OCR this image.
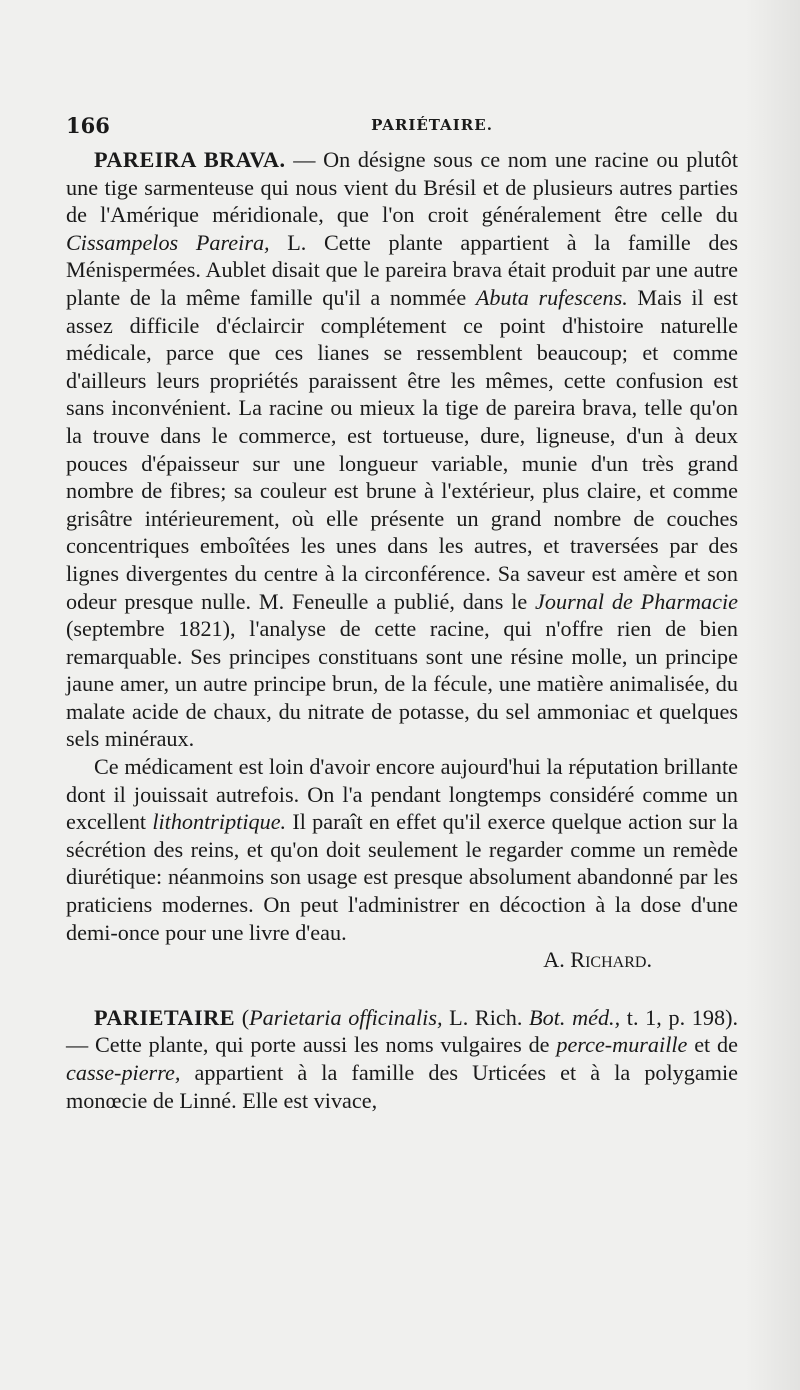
166	PARIÉTAIRE.

PAREIRA BRAVA. — On désigne sous ce nom une racine ou plutôt une tige sarmenteuse qui nous vient du Brésil et de plusieurs autres parties de l'Amérique méridionale, que l'on croit généralement être celle du Cissampelos Pareira, L. Cette plante appartient à la famille des Ménispermées. Aublet disait que le pareira brava était produit par une autre plante de la même famille qu'il a nommée Abuta rufescens. Mais il est assez difficile d'éclaircir complétement ce point d'histoire naturelle médicale, parce que ces lianes se ressemblent beaucoup; et comme d'ailleurs leurs propriétés paraissent être les mêmes, cette confusion est sans inconvénient. La racine ou mieux la tige de pareira brava, telle qu'on la trouve dans le commerce, est tortueuse, dure, ligneuse, d'un à deux pouces d'épaisseur sur une longueur variable, munie d'un très grand nombre de fibres; sa couleur est brune à l'extérieur, plus claire, et comme grisâtre intérieurement, où elle présente un grand nombre de couches concentriques emboîtées les unes dans les autres, et traversées par des lignes divergentes du centre à la circonférence. Sa saveur est amère et son odeur presque nulle. M. Feneulle a publié, dans le Journal de Pharmacie (septembre 1821), l'analyse de cette racine, qui n'offre rien de bien remarquable. Ses principes constituans sont une résine molle, un principe jaune amer, un autre principe brun, de la fécule, une matière animalisée, du malate acide de chaux, du nitrate de potasse, du sel ammoniac et quelques sels minéraux.

Ce médicament est loin d'avoir encore aujourd'hui la réputation brillante dont il jouissait autrefois. On l'a pendant longtemps considéré comme un excellent lithontriptique. Il paraît en effet qu'il exerce quelque action sur la sécrétion des reins, et qu'on doit seulement le regarder comme un remède diurétique: néanmoins son usage est presque absolument abandonné par les praticiens modernes. On peut l'administrer en décoction à la dose d'une demi-once pour une livre d'eau.

A. Richard.

PARIETAIRE (Parietaria officinalis, L. Rich. Bot. méd., t. 1, p. 198). — Cette plante, qui porte aussi les noms vulgaires de perce-muraille et de casse-pierre, appartient à la famille des Urticées et à la polygamie monœcie de Linné. Elle est vivace,
